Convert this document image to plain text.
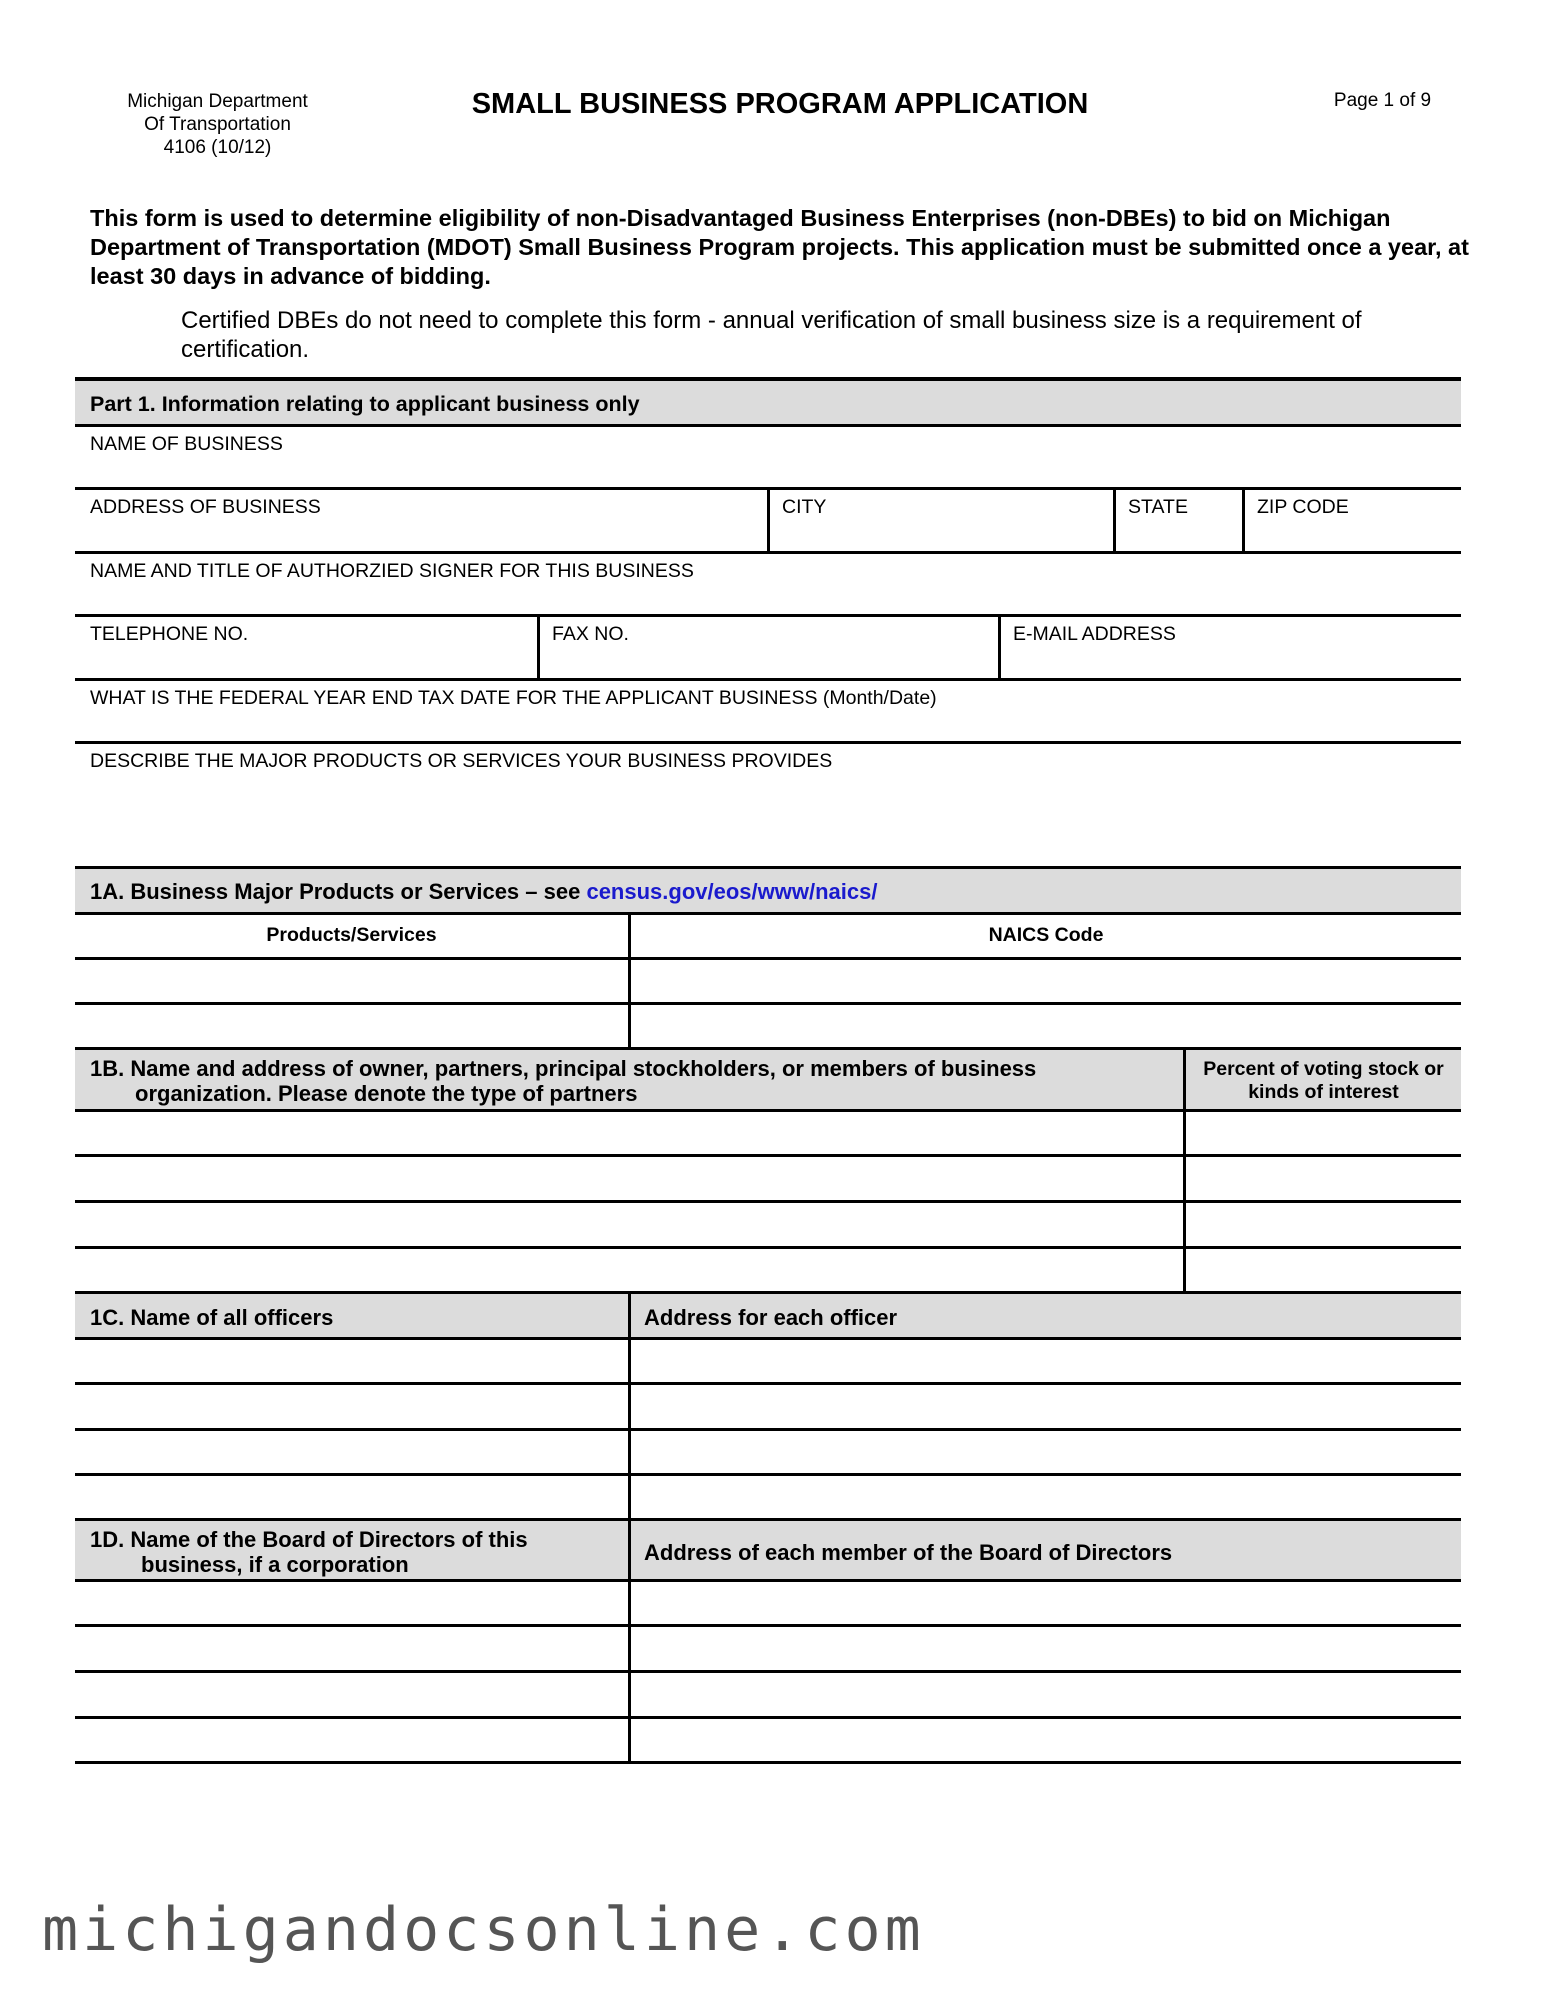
Michigan Department
Of Transportation
4106 (10/12)
SMALL BUSINESS PROGRAM APPLICATION	Page 1 of 9
This form is used to determine eligibility of non-Disadvantaged Business Enterprises (non-DBEs) to bid on Michigan Department of Transportation (MDOT) Small Business Program projects. This application must be submitted once a year, at least 30 days in advance of bidding.
Certified DBEs do not need to complete this form - annual verification of small business size is a requirement of certification.
Part 1. Information relating to applicant business only
NAME OF BUSINESS
ADDRESS OF BUSINESS	CITY	STATE	ZIP CODE
NAME AND TITLE OF AUTHORZIED SIGNER FOR THIS BUSINESS
TELEPHONE NO.	FAX NO.	E-MAIL ADDRESS
WHAT IS THE FEDERAL YEAR END TAX DATE FOR THE APPLICANT BUSINESS (Month/Date)
DESCRIBE THE MAJOR PRODUCTS OR SERVICES YOUR BUSINESS PROVIDES
1A. Business Major Products or Services – see census.gov/eos/www/naics/
Products/Services	NAICS Code
1B. Name and address of owner, partners, principal stockholders, or members of business
organization. Please denote the type of partners
Percent of voting stock or
kinds of interest
1C. Name of all officers	Address for each officer
1D. Name of the Board of Directors of this
business, if a corporation	Address of each member of the Board of Directors
michigandocsonline.com
